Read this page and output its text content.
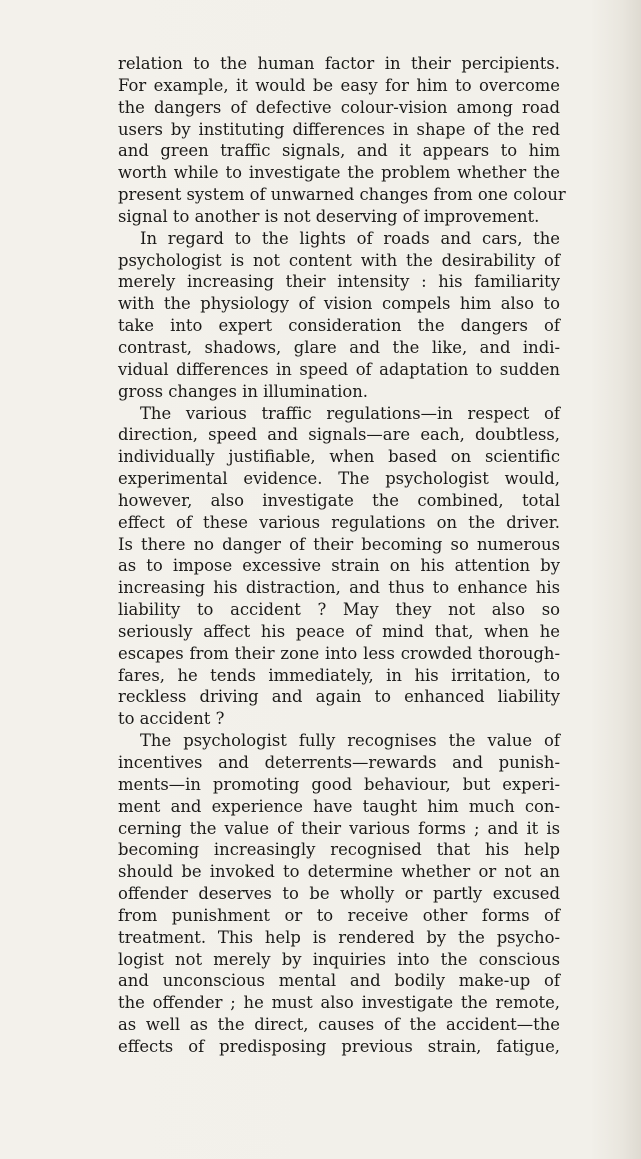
relation to the human factor in their percipients.
For example, it would be easy for him to overcome
the dangers of defective colour-vision among road
users by instituting differences in shape of the red
and green traffic signals, and it appears to him
worth while to investigate the problem whether the
present system of unwarned changes from one colour
signal to another is not deserving of improvement.
In regard to the lights of roads and cars, the
psychologist is not content with the desirability of
merely increasing their intensity : his familiarity
with the physiology of vision compels him also to
take into expert consideration the dangers of
contrast, shadows, glare and the like, and indi-
vidual differences in speed of adaptation to sudden
gross changes in illumination.
The various traffic regulations—in respect of
direction, speed and signals—are each, doubtless,
individually justifiable, when based on scientific
experimental evidence. The psychologist would,
however, also investigate the combined, total
effect of these various regulations on the driver.
Is there no danger of their becoming so numerous
as to impose excessive strain on his attention by
increasing his distraction, and thus to enhance his
liability to accident ? May they not also so
seriously affect his peace of mind that, when he
escapes from their zone into less crowded thorough-
fares, he tends immediately, in his irritation, to
reckless driving and again to enhanced liability
to accident ?
The psychologist fully recognises the value of
incentives and deterrents—rewards and punish-
ments—in promoting good behaviour, but experi-
ment and experience have taught him much con-
cerning the value of their various forms ; and it is
becoming increasingly recognised that his help
should be invoked to determine whether or not an
offender deserves to be wholly or partly excused
from punishment or to receive other forms of
treatment. This help is rendered by the psycho-
logist not merely by inquiries into the conscious
and unconscious mental and bodily make-up of
the offender ; he must also investigate the remote,
as well as the direct, causes of the accident—the
effects of predisposing previous strain, fatigue,
